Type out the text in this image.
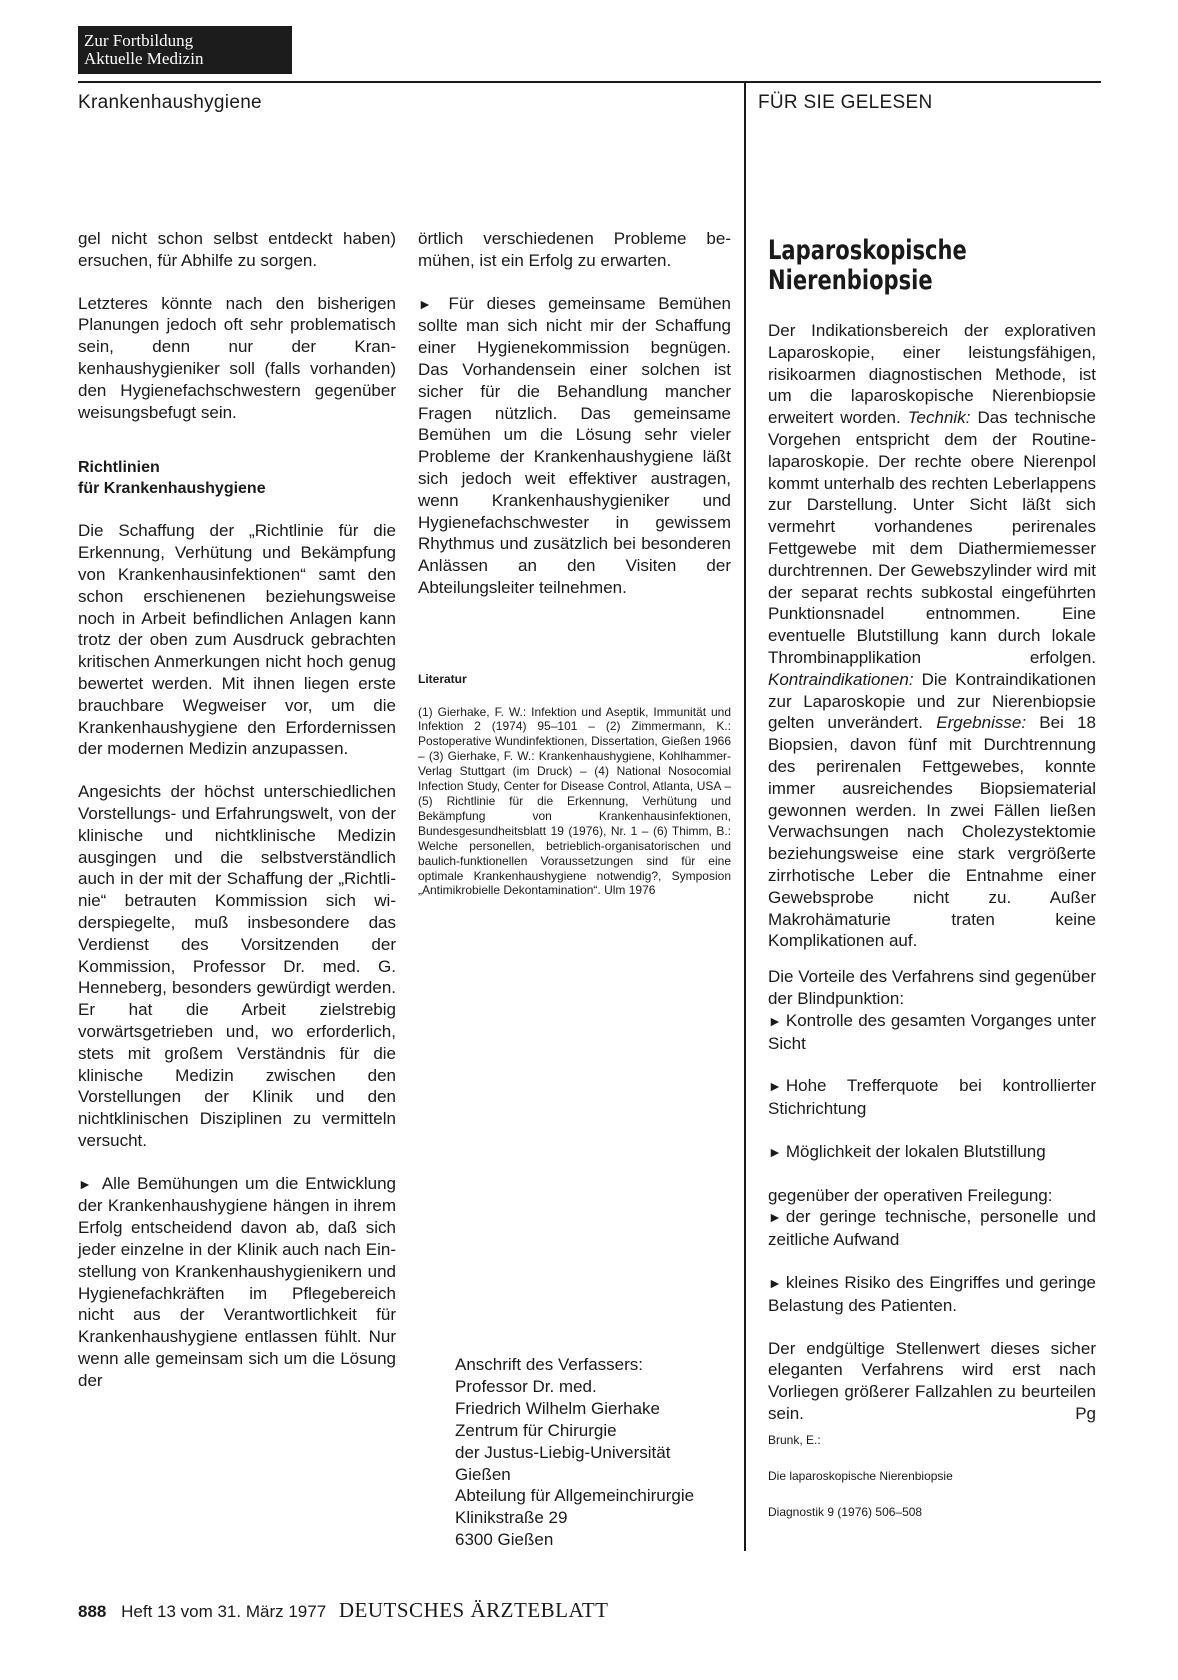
Zur Fortbildung
Aktuelle Medizin
Krankenhaushygiene	FÜR SIE GELESEN

gel nicht schon selbst entdeckt haben) ersuchen, für Abhilfe zu sorgen.

Letzteres könnte nach den bisherigen Planungen jedoch oft sehr problematisch sein, denn nur der Krankenhaushygieniker soll (falls vorhanden) den Hygienefachschwestern gegenüber weisungsbefugt sein.

Richtlinien
für Krankenhaushygiene

Die Schaffung der „Richtlinie für die Erkennung, Verhütung und Bekämpfung von Krankenhausinfektionen“ samt den schon erschienenen beziehungsweise noch in Arbeit befindlichen Anlagen kann trotz der oben zum Ausdruck gebrachten kritischen Anmerkungen nicht hoch genug bewertet werden. Mit ihnen liegen erste brauchbare Wegweiser vor, um die Krankenhaushygiene den Erfordernissen der modernen Medizin anzupassen.

Angesichts der höchst unterschiedlichen Vorstellungs- und Erfahrungswelt, von der klinische und nichtklinische Medizin ausgingen und die selbstverständlich auch in der mit der Schaffung der „Richtlinie“ betrauten Kommission sich widerspiegelte, muß insbesondere das Verdienst des Vorsitzenden der Kommission, Professor Dr. med. G. Henneberg, besonders gewürdigt werden. Er hat die Arbeit zielstrebig vorwärtsgetrieben und, wo erforderlich, stets mit großem Verständnis für die klinische Medizin zwischen den Vorstellungen der Klinik und den nichtklinischen Disziplinen zu vermitteln versucht.

► Alle Bemühungen um die Entwicklung der Krankenhaushygiene hängen in ihrem Erfolg entscheidend davon ab, daß sich jeder einzelne in der Klinik auch nach Einstellung von Krankenhaushygienikern und Hygienefachkräften im Pflegebereich nicht aus der Verantwortlichkeit für Krankenhaushygiene entlassen fühlt. Nur wenn alle gemeinsam sich um die Lösung der

örtlich verschiedenen Probleme bemühen, ist ein Erfolg zu erwarten.

► Für dieses gemeinsame Bemühen sollte man sich nicht mir der Schaffung einer Hygienekommission begnügen. Das Vorhandensein einer solchen ist sicher für die Behandlung mancher Fragen nützlich. Das gemeinsame Bemühen um die Lösung sehr vieler Probleme der Krankenhaushygiene läßt sich jedoch weit effektiver austragen, wenn Krankenhaushygieniker und Hygienefachschwester in gewissem Rhythmus und zusätzlich bei besonderen Anlässen an den Visiten der Abteilungsleiter teilnehmen.

Literatur

(1) Gierhake, F. W.: Infektion und Aseptik, Immunität und Infektion 2 (1974) 95–101 – (2) Zimmermann, K.: Postoperative Wundinfektionen, Dissertation, Gießen 1966 – (3) Gierhake, F. W.: Krankenhaushygiene, Kohlhammer-Verlag Stuttgart (im Druck) – (4) National Nosocomial Infection Study, Center for Disease Control, Atlanta, USA – (5) Richtlinie für die Erkennung, Verhütung und Bekämpfung von Krankenhausinfektionen, Bundesgesundheitsblatt 19 (1976), Nr. 1 – (6) Thimm, B.: Welche personellen, betrieblich-organisatorischen und baulich-funktionellen Voraussetzungen sind für eine optimale Krankenhaushygiene notwendig?, Symposion „Antimikrobielle Dekontamination“. Ulm 1976

Anschrift des Verfassers:
Professor Dr. med.
Friedrich Wilhelm Gierhake
Zentrum für Chirurgie
der Justus-Liebig-Universität
Gießen
Abteilung für Allgemeinchirurgie
Klinikstraße 29
6300 Gießen
Laparoskopische
Nierenbiopsie

Der Indikationsbereich der explorativen Laparoskopie, einer leistungsfähigen, risikoarmen diagnostischen Methode, ist um die laparoskopische Nierenbiopsie erweitert worden. Technik: Das technische Vorgehen entspricht dem der Routinelaparoskopie. Der rechte obere Nierenpol kommt unterhalb des rechten Leberlappens zur Darstellung. Unter Sicht läßt sich vermehrt vorhandenes perirenales Fettgewebe mit dem Diathermiemesser durchtrennen. Der Gewebszylinder wird mit der separat rechts subkostal eingeführten Punktionsnadel entnommen. Eine eventuelle Blutstillung kann durch lokale Thrombinapplikation erfolgen. Kontraindikationen: Die Kontraindikationen zur Laparoskopie und zur Nierenbiopsie gelten unverändert. Ergebnisse: Bei 18 Biopsien, davon fünf mit Durchtrennung des perirenalen Fettgewebes, konnte immer ausreichendes Biopsiematerial gewonnen werden. In zwei Fällen ließen Verwachsungen nach Cholezystektomie beziehungsweise eine stark vergrößerte zirrhotische Leber die Entnahme einer Gewebsprobe nicht zu. Außer Makrohämaturie traten keine Komplikationen auf.

Die Vorteile des Verfahrens sind gegenüber der Blindpunktion:

► Kontrolle des gesamten Vorganges unter Sicht

► Hohe Trefferquote bei kontrollierter Stichrichtung

► Möglichkeit der lokalen Blutstillung

gegenüber der operativen Freilegung:

► der geringe technische, personelle und zeitliche Aufwand

► kleines Risiko des Eingriffes und geringe Belastung des Patienten.

Der endgültige Stellenwert dieses sicher eleganten Verfahrens wird erst nach Vorliegen größerer Fallzahlen zu beurteilen sein.	Pg

Brunk, E.:

Die laparoskopische Nierenbiopsie

Diagnostik 9 (1976) 506–508

888 Heft 13 vom 31. März 1977 DEUTSCHES ÄRZTEBLATT
